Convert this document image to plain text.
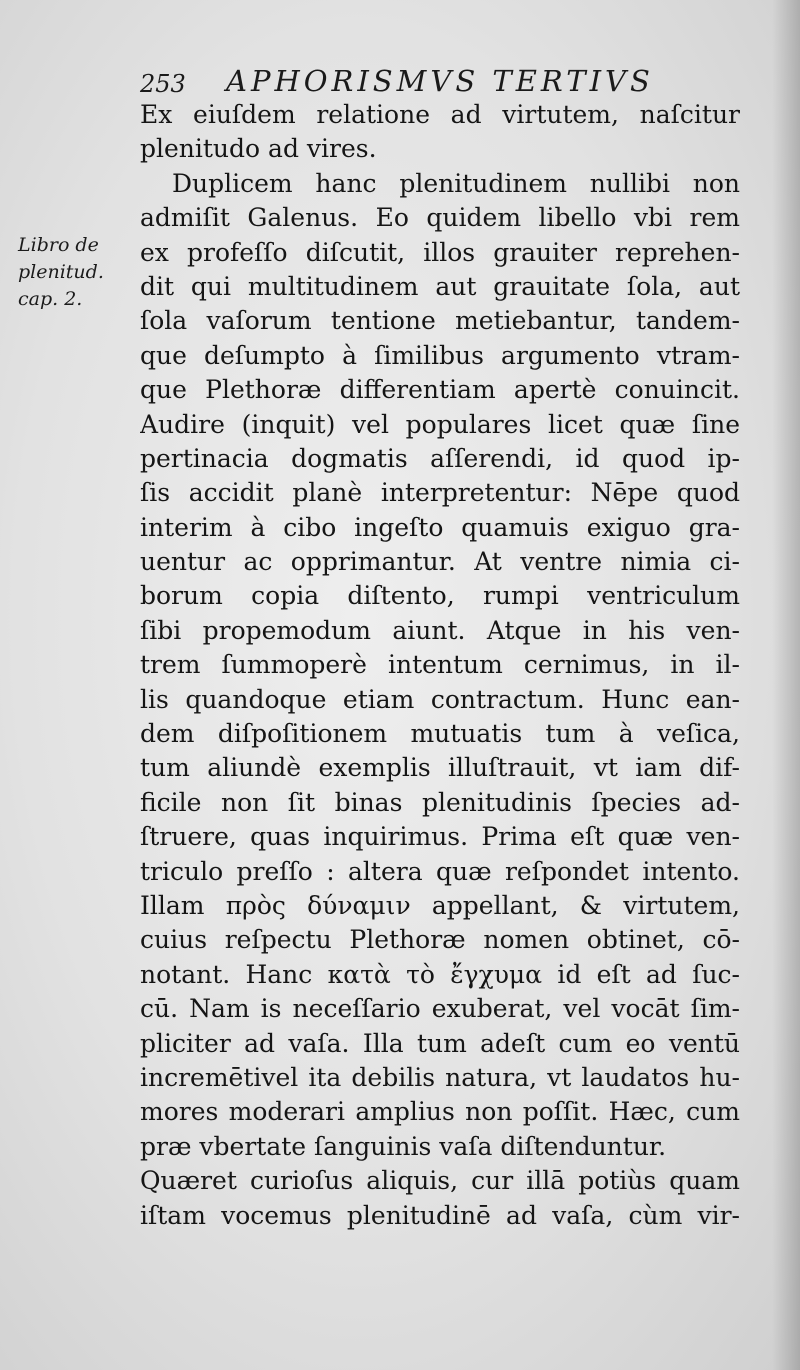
253 APHORISMVS TERTIVS
Libro de
plenitud.
cap. 2.
Ex eiuſdem relatione ad virtutem, naſcitur
plenitudo ad vires.
Duplicem hanc plenitudinem nullibi non
admiſit Galenus. Eo quidem libello vbi rem
ex profeſſo diſcutit, illos grauiter reprehen-
dit qui multitudinem aut grauitate ſola, aut
ſola vaſorum tentione metiebantur, tandem-
que deſumpto à ſimilibus argumento vtram-
que Plethoræ differentiam apertè conuincit.
Audire (inquit) vel populares licet quæ ſine
pertinacia dogmatis aſſerendi, id quod ip-
ſis accidit planè interpretentur: Nēpe quod
interim à cibo ingeſto quamuis exiguo gra-
uentur ac opprimantur. At ventre nimia ci-
borum copia diſtento, rumpi ventriculum
ſibi propemodum aiunt. Atque in his ven-
trem ſummoperè intentum cernimus, in il-
lis quandoque etiam contractum. Hunc ean-
dem diſpoſitionem mutuatis tum à veſica,
tum aliundè exemplis illuſtrauit, vt iam dif-
ficile non ſit binas plenitudinis ſpecies ad-
ſtruere, quas inquirimus. Prima eſt quæ ven-
triculo preſſo : altera quæ reſpondet intento.
Illam πρὸς δύναμιν appellant, & virtutem,
cuius reſpectu Plethoræ nomen obtinet, cō-
notant. Hanc κατὰ τὸ ἔγχυμα id eſt ad ſuc-
cū. Nam is neceſſario exuberat, vel vocāt ſim-
pliciter ad vaſa. Illa tum adeſt cum eo ventū
incremētivel ita debilis natura, vt laudatos hu-
mores moderari amplius non poſſit. Hæc, cum
præ vbertate ſanguinis vaſa diſtenduntur.
Quæret curioſus aliquis, cur illā potiùs quam
iſtam vocemus plenitudinē ad vaſa, cùm vir-
